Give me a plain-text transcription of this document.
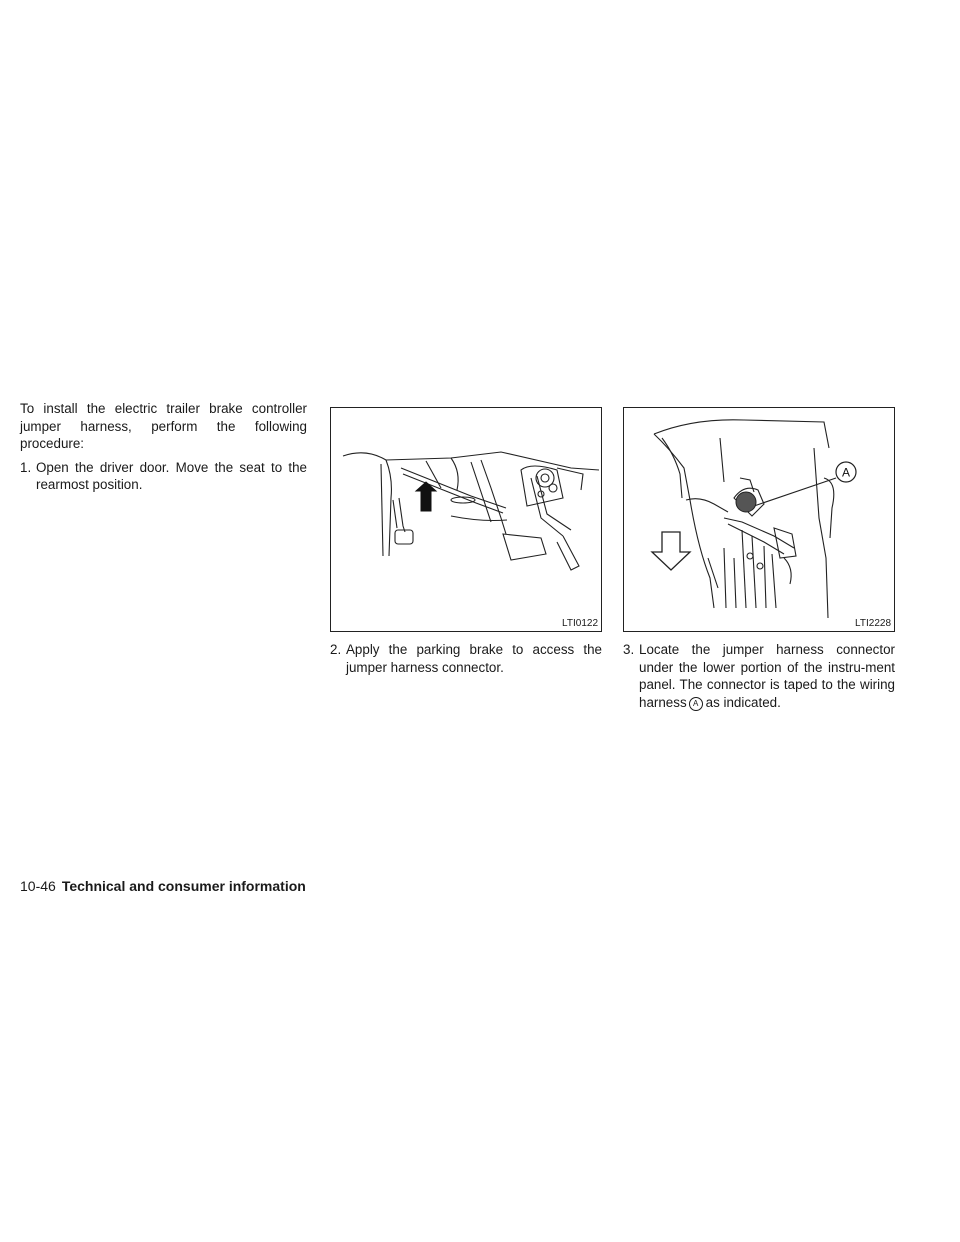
To install the electric trailer brake controller jumper harness, perform the following procedure:

1. Open the driver door. Move the seat to the rearmost position.

LTI0122
A
LTI2228

2. Apply the parking brake to access the jumper harness connector.

3. Locate the jumper harness connector under the lower portion of the instru-ment panel. The connector is taped to the wiring harness A as indicated.

10-46 Technical and consumer information
